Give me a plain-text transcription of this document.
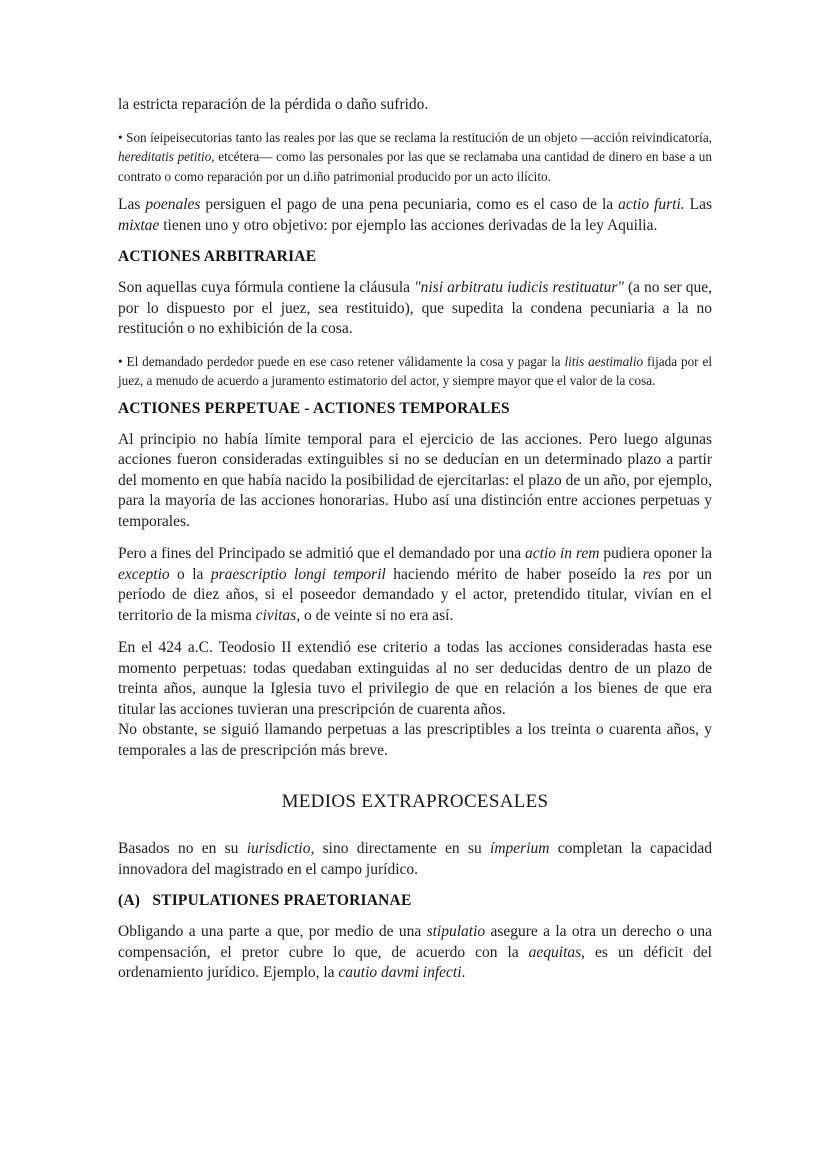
la estricta reparación de la pérdida o daño sufrido.
• Son íeipeisecutorias tanto las reales por las que se reclama la restitución de un objeto —acción reivindicatoría, hereditatis petitio, etcétera— como las personales por las que se reclamaba una cantidad de dinero en base a un contrato o como reparación por un d.iño patrimonial producido por un acto ilícito.
Las poenales persiguen el pago de una pena pecuniaria, como es el caso de la actio furti. Las mixtae tienen uno y otro objetivo: por ejemplo las acciones derivadas de la ley Aquilia.
ACTIONES ARBITRARIAE
Son aquellas cuya fórmula contiene la cláusula "nisi arbitratu iudicis restituatur" (a no ser que, por lo dispuesto por el juez, sea restituido), que supedita la condena pecuniaria a la no restitución o no exhibición de la cosa.
• El demandado perdedor puede en ese caso retener válidamente la cosa y pagar la litis aestimalio fijada por el juez, a menudo de acuerdo a juramento estimatorio del actor, y siempre mayor que el valor de la cosa.
ACTIONES PERPETUAE - ACTIONES TEMPORALES
Al principio no había límite temporal para el ejercicio de las acciones. Pero luego algunas acciones fueron consideradas extinguibles si no se deducían en un determinado plazo a partir del momento en que había nacido la posibilidad de ejercitarlas: el plazo de un año, por ejemplo, para la mayoría de las acciones honorarias. Hubo así una distinción entre acciones perpetuas y temporales.
Pero a fines del Principado se admitió que el demandado por una actio in rem pudiera oponer la exceptio o la praescriptio longi temporil haciendo mérito de haber poseído la res por un período de diez años, si el poseedor demandado y el actor, pretendido titular, vivían en el territorio de la misma civitas, o de veinte si no era así.
En el 424 a.C. Teodosio II extendió ese criterio a todas las acciones consideradas hasta ese momento perpetuas: todas quedaban extinguidas al no ser deducidas dentro de un plazo de treinta años, aunque la Iglesia tuvo el privilegio de que en relación a los bienes de que era titular las acciones tuvieran una prescripción de cuarenta años.
No obstante, se siguió llamando perpetuas a las prescriptibles a los treinta o cuarenta años, y temporales a las de prescripción más breve.
MEDIOS EXTRAPROCESALES
Basados no en su iurisdictio, sino directamente en su ímperium completan la capacidad innovadora del magistrado en el campo jurídico.
(A)   STIPULATIONES PRAETORIANAE
Obligando a una parte a que, por medio de una stipulatio asegure a la otra un derecho o una compensación, el pretor cubre lo que, de acuerdo con la aequitas, es un déficit del ordenamiento jurídico. Ejemplo, la cautio davmi infecti.
